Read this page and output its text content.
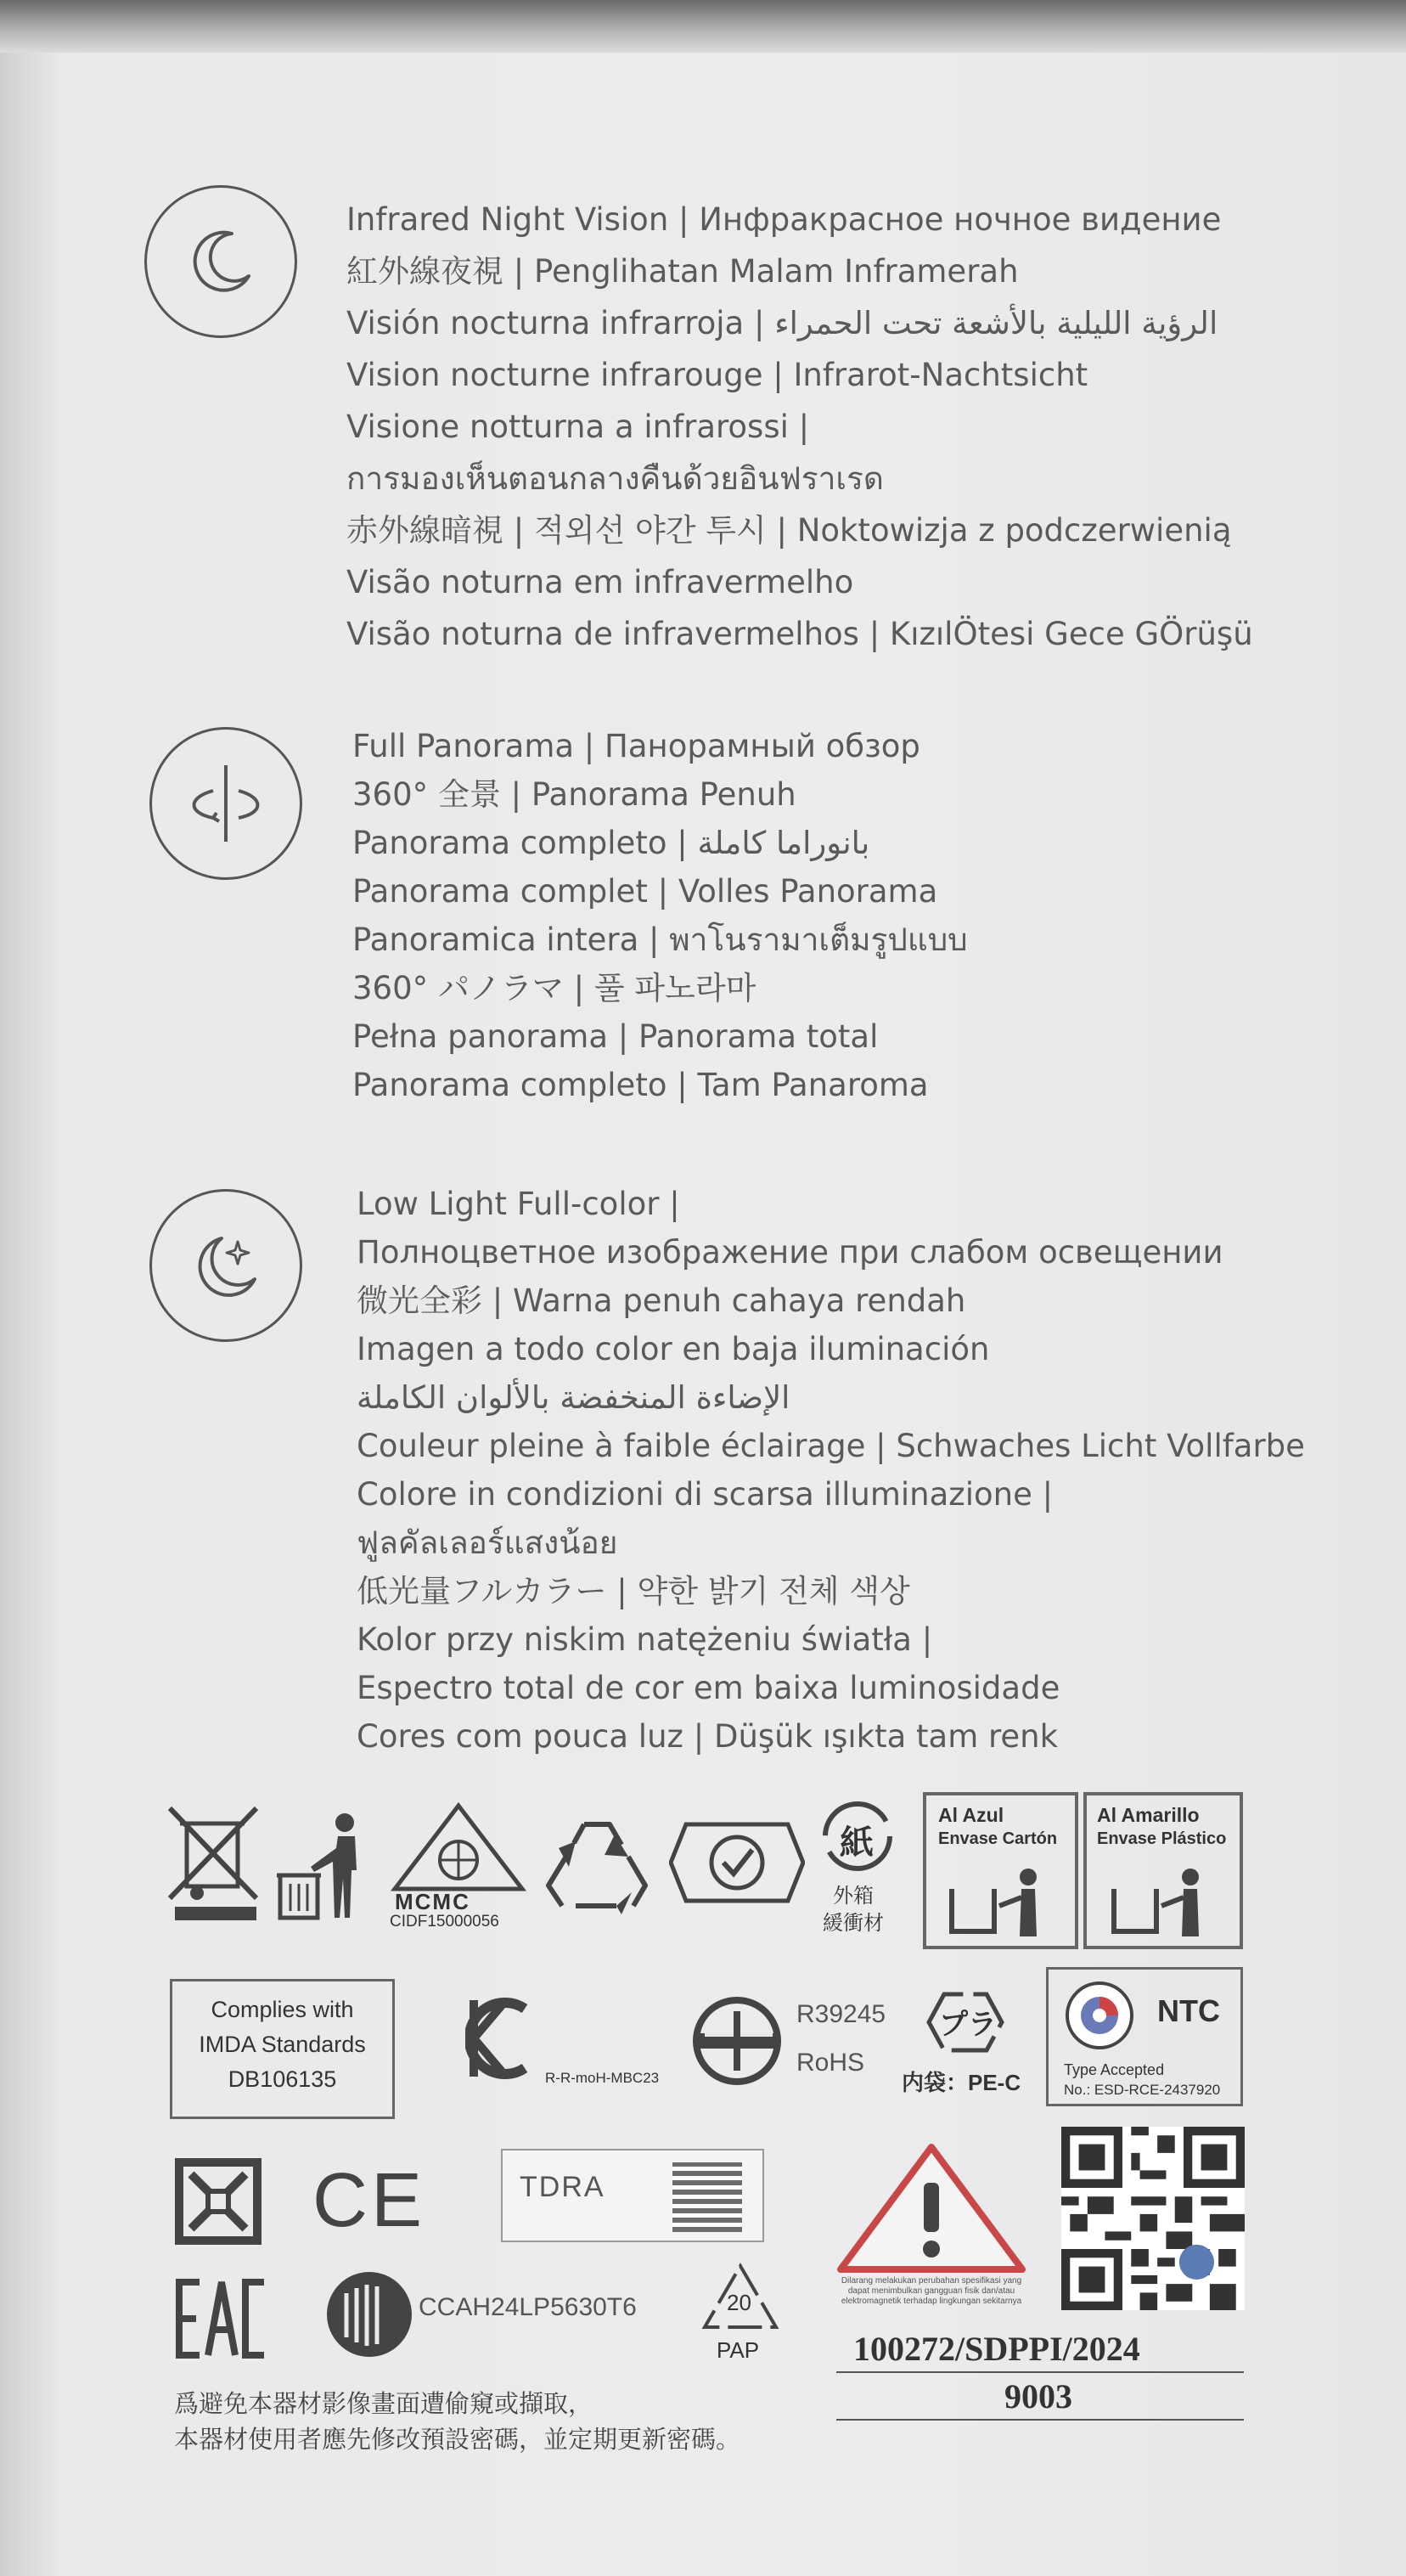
Infrared Night Vision | Инфракрасное ночное видение
紅外線夜視 | Penglihatan Malam Inframerah
Visión nocturna infrarroja | الرؤية الليلية بالأشعة تحت الحمراء
Vision nocturne infrarouge | Infrarot-Nachtsicht
Visione notturna a infrarossi |
การมองเห็นตอนกลางคืนด้วยอินฟราเรด
赤外線暗視 | 적외선 야간 투시 | Noktowizja z podczerwienią
Visão noturna em infravermelho
Visão noturna de infravermelhos | KızılÖtesi Gece GÖrüşü
Full Panorama | Панорамный обзор
360° 全景 | Panorama Penuh
Panorama completo | بانوراما كاملة
Panorama complet | Volles Panorama
Panoramica intera | พาโนรามาเต็มรูปแบบ
360° パノラマ | 풀 파노라마
Pełna panorama | Panorama total
Panorama completo | Tam Panaroma
Low Light Full-color |
Полноцветное изображение при слабом освещении
微光全彩 | Warna penuh cahaya rendah
Imagen a todo color en baja iluminación
الإضاءة المنخفضة بالألوان الكاملة
Couleur pleine à faible éclairage | Schwaches Licht Vollfarbe
Colore in condizioni di scarsa illuminazione |
ฟูลคัลเลอร์แสงน้อย
低光量フルカラー | 약한 밝기 전체 색상
Kolor przy niskim natężeniu światła |
Espectro total de cor em baixa luminosidade
Cores com pouca luz | Düşük ışıkta tam renk
MCMC
CIDF15000056
紙
外箱
緩衝材
Al Azul
Envase Cartón
Al Amarillo
Envase Plástico
Complies with
IMDA Standards
DB106135	R-R-moH-MBC23
R39245
RoHS
プラ
内袋：PE-C
NTC
Type Accepted
No.: ESD-RCE-2437920
CE	TDRA
CCAH24LP5630T6	20
PAP
Dilarang melakukan perubahan spesifikasi yang dapat menimbulkan gangguan fisik dan/atau elektromagnetik terhadap lingkungan sekitarnya
100272/SDPPI/2024
9003
爲避免本器材影像畫面遭偷窺或擷取，
本器材使用者應先修改預設密碼，並定期更新密碼。
